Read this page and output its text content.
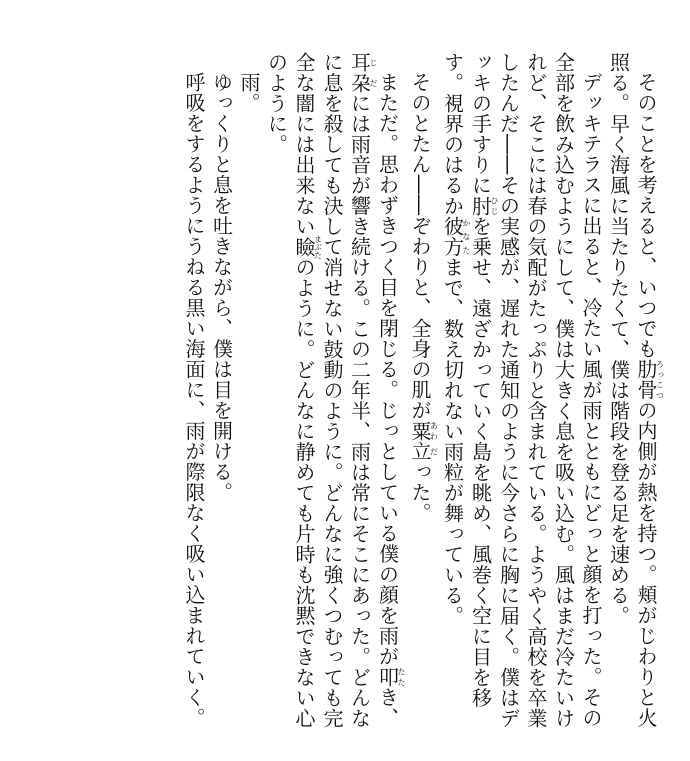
そのことを考えると、いつでも肋骨ろっこつの内側が熱を持つ。頬がじわりと火照る。早く海風に当たりたくて、僕は階段を登る足を速める。

デッキテラスに出ると、冷たい風が雨とともにどっと顔を打った。その全部を飲み込むようにして、僕は大きく息を吸い込む。風はまだ冷たいけれど、そこには春の気配がたっぷりと含まれている。ようやく高校を卒業したんだ――その実感が、遅れた通知のように今さらに胸に届く。僕はデッキの手すりに肘ひじを乗せ、遠ざかっていく島を眺め、風巻く空に目を移す。視界のはるか彼方かなたまで、数え切れない雨粒が舞っている。

そのとたん――ぞわりと、全身の肌が粟あわ立だった。

まただ。思わずきつく目を閉じる。じっとしている僕の顔を雨が叩たたき、耳じ朶だには雨音が響き続ける。この二年半、雨は常にそこにあった。どんなに息を殺しても決して消せない鼓動のように。どんなに強くつむっても完全な闇には出来ない瞼まぶたのように。どんなに静めても片時も沈黙できない心のように。

雨。

ゆっくりと息を吐きながら、僕は目を開ける。

呼吸をするようにうねる黒い海面に、雨が際限なく吸い込まれていく。
